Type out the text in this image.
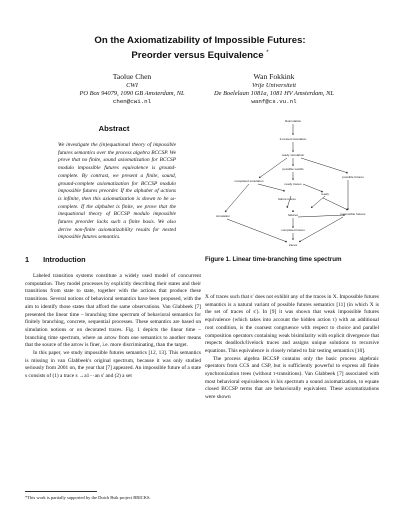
On the Axiomatizability of Impossible Futures:
Preorder versus Equivalence *
Taolue Chen
CWI
PO Box 94079, 1090 GB Amsterdam, NL
chen@cwi.nl
Wan Fokkink
Vrije Universiteit
De Boelelaan 1081a, 1081 HV Amsterdam, NL
wanf@cs.vu.nl
Abstract
We investigate the (in)equational theory of impossible futures semantics over the process algebra BCCSP. We prove that no finite, sound axiomatization for BCCSP modulo impossible futures equivalence is ground-complete. By contrast, we present a finite, sound, ground-complete axiomatization for BCCSP modulo impossible futures preorder. If the alphabet of actions is infinite, then this axiomatization is shown to be ω-complete. If the alphabet is finite, we prove that the inequational theory of BCCSP modulo impossible futures preorder lacks such a finite basis. We also derive non-finite axiomatizability results for nested impossible futures semantics.
1 Introduction

Labeled transition systems constitute a widely used model of concurrent computation. They model processes by explicitly describing their states and their transitions from state to state, together with the actions that produce these transitions. Several notions of behavioral semantics have been proposed, with the aim to identify those states that afford the same observations. Van Glabbeek [7] presented the linear time – branching time spectrum of behavioral semantics for finitely branching, concrete, sequential processes. These semantics are based on simulation notions or on decorated traces. Fig. 1 depicts the linear time – branching time spectrum, where an arrow from one semantics to another means that the source of the arrow is finer, i.e. more discriminating, than the target.

In this paper, we study impossible futures semantics [12, 13]. This semantics is missing in van Glabbeek's original spectrum, because it was only studied seriously from 2001 on, the year that [7] appeared. An impossible future of a state s consists of (1) a trace s →a1···an s′ and (2) a set

*This work is partially supported by the Dutch Bsik project BRICKS.
bisimulation
2-nested simulation
ready simulation
possible worlds
possible futures
completed simulation
ready traces
ready
simulation
failure traces
failures	impossible futures
completed traces
traces
Figure 1. Linear time-branching time spectrum

X of traces such that s′ does not exhibit any of the traces in X. Impossible futures semantics is a natural variant of possible futures semantics [11] (in which X is the set of traces of s′). In [9] it was shown that weak impossible futures equivalence (which takes into account the hidden action τ) with an additional root condition, is the coarsest congruence with respect to choice and parallel composition operators containing weak bisimilarity with explicit divergence that respects deadlock/livelock traces and assigns unique solutions to recursive equations. This equivalence is closely related to fair testing semantics [10].

The process algebra BCCSP contains only the basic process algebraic operators from CCS and CSP, but is sufficiently powerful to express all finite synchronization trees (without τ-transitions). Van Glabbeek [7] associated with most behavioral equivalences in his spectrum a sound axiomatization, to equate closed BCCSP terms that are behaviorally equivalent. These axiomatizations were shown
